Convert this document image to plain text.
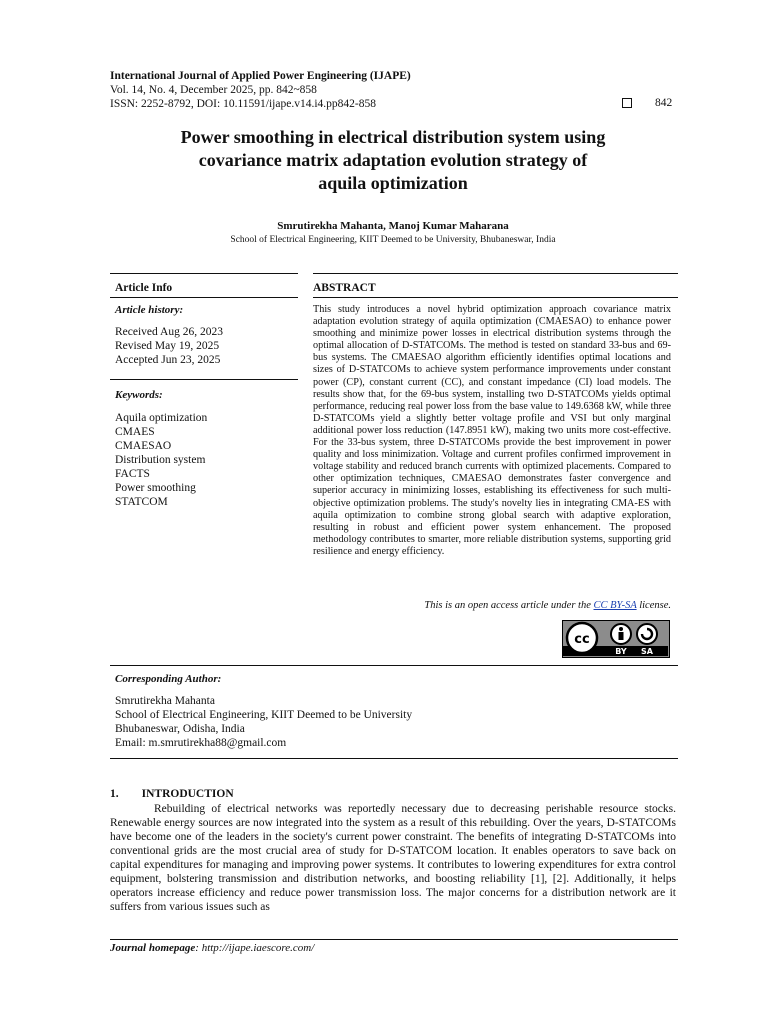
International Journal of Applied Power Engineering (IJAPE)
Vol. 14, No. 4, December 2025, pp. 842~858
ISSN: 2252-8792, DOI: 10.11591/ijape.v14.i4.pp842-858	842
Power smoothing in electrical distribution system using
covariance matrix adaptation evolution strategy of
aquila optimization
Smrutirekha Mahanta, Manoj Kumar Maharana
School of Electrical Engineering, KIIT Deemed to be University, Bhubaneswar, India
Article Info
Article history:
Received Aug 26, 2023
Revised May 19, 2025
Accepted Jun 23, 2025
Keywords:
Aquila optimization
CMAES
CMAESAO
Distribution system
FACTS
Power smoothing
STATCOM
ABSTRACT
This study introduces a novel hybrid optimization approach covariance matrix adaptation evolution strategy of aquila optimization (CMAESAO) to enhance power smoothing and minimize power losses in electrical distribution systems through the optimal allocation of D-STATCOMs. The method is tested on standard 33-bus and 69-bus systems. The CMAESAO algorithm efficiently identifies optimal locations and sizes of D-STATCOMs to achieve system performance improvements under constant power (CP), constant current (CC), and constant impedance (CI) load models. The results show that, for the 69-bus system, installing two D-STATCOMs yields optimal performance, reducing real power loss from the base value to 149.6368 kW, while three D-STATCOMs yield a slightly better voltage profile and VSI but only marginal additional power loss reduction (147.8951 kW), making two units more cost-effective. For the 33-bus system, three D-STATCOMs provide the best improvement in power quality and loss minimization. Voltage and current profiles confirmed improvement in voltage stability and reduced branch currents with optimized placements. Compared to other optimization techniques, CMAESAO demonstrates faster convergence and superior accuracy in minimizing losses, establishing its effectiveness for such multi-objective optimization problems. The study's novelty lies in integrating CMA-ES with aquila optimization to combine strong global search with adaptive exploration, resulting in robust and efficient power system enhancement. The proposed methodology contributes to smarter, more reliable distribution systems, supporting grid resilience and energy efficiency.
This is an open access article under the CC BY-SA license.
cc
BY SA
Corresponding Author:
Smrutirekha Mahanta
School of Electrical Engineering, KIIT Deemed to be University
Bhubaneswar, Odisha, India
Email: m.smrutirekha88@gmail.com
1.  INTRODUCTION
Rebuilding of electrical networks was reportedly necessary due to decreasing perishable resource stocks. Renewable energy sources are now integrated into the system as a result of this rebuilding. Over the years, D-STATCOMs have become one of the leaders in the society's current power constraint. The benefits of integrating D-STATCOMs into conventional grids are the most crucial area of study for D-STATCOM location. It enables operators to save back on capital expenditures for managing and improving power systems. It contributes to lowering expenditures for extra control equipment, bolstering transmission and distribution networks, and boosting reliability [1], [2]. Additionally, it helps operators increase efficiency and reduce power transmission loss. The major concerns for a distribution network are it suffers from various issues such as
Journal homepage: http://ijape.iaescore.com/
